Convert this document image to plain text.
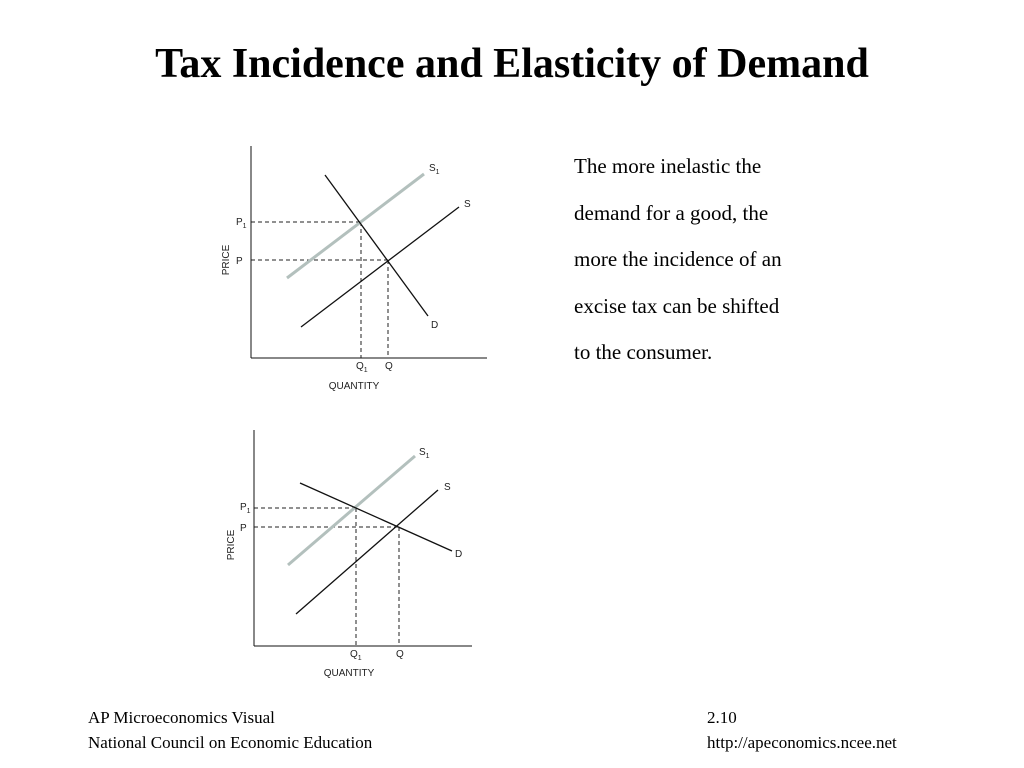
Tax Incidence and Elasticity of Demand
The more inelastic the
demand for a good, the
more the incidence of an
excise tax can be shifted
to the consumer.
PRICE
QUANTITY
$P_1$
P
$Q_1$ Q
$S_1$
S
D
PRICE
QUANTITY
$P_1$
P
$Q_1$	Q
$S_1$
S
D
AP Microeconomics Visual
National Council on Economic Education
2.10
http://apeconomics.ncee.net
